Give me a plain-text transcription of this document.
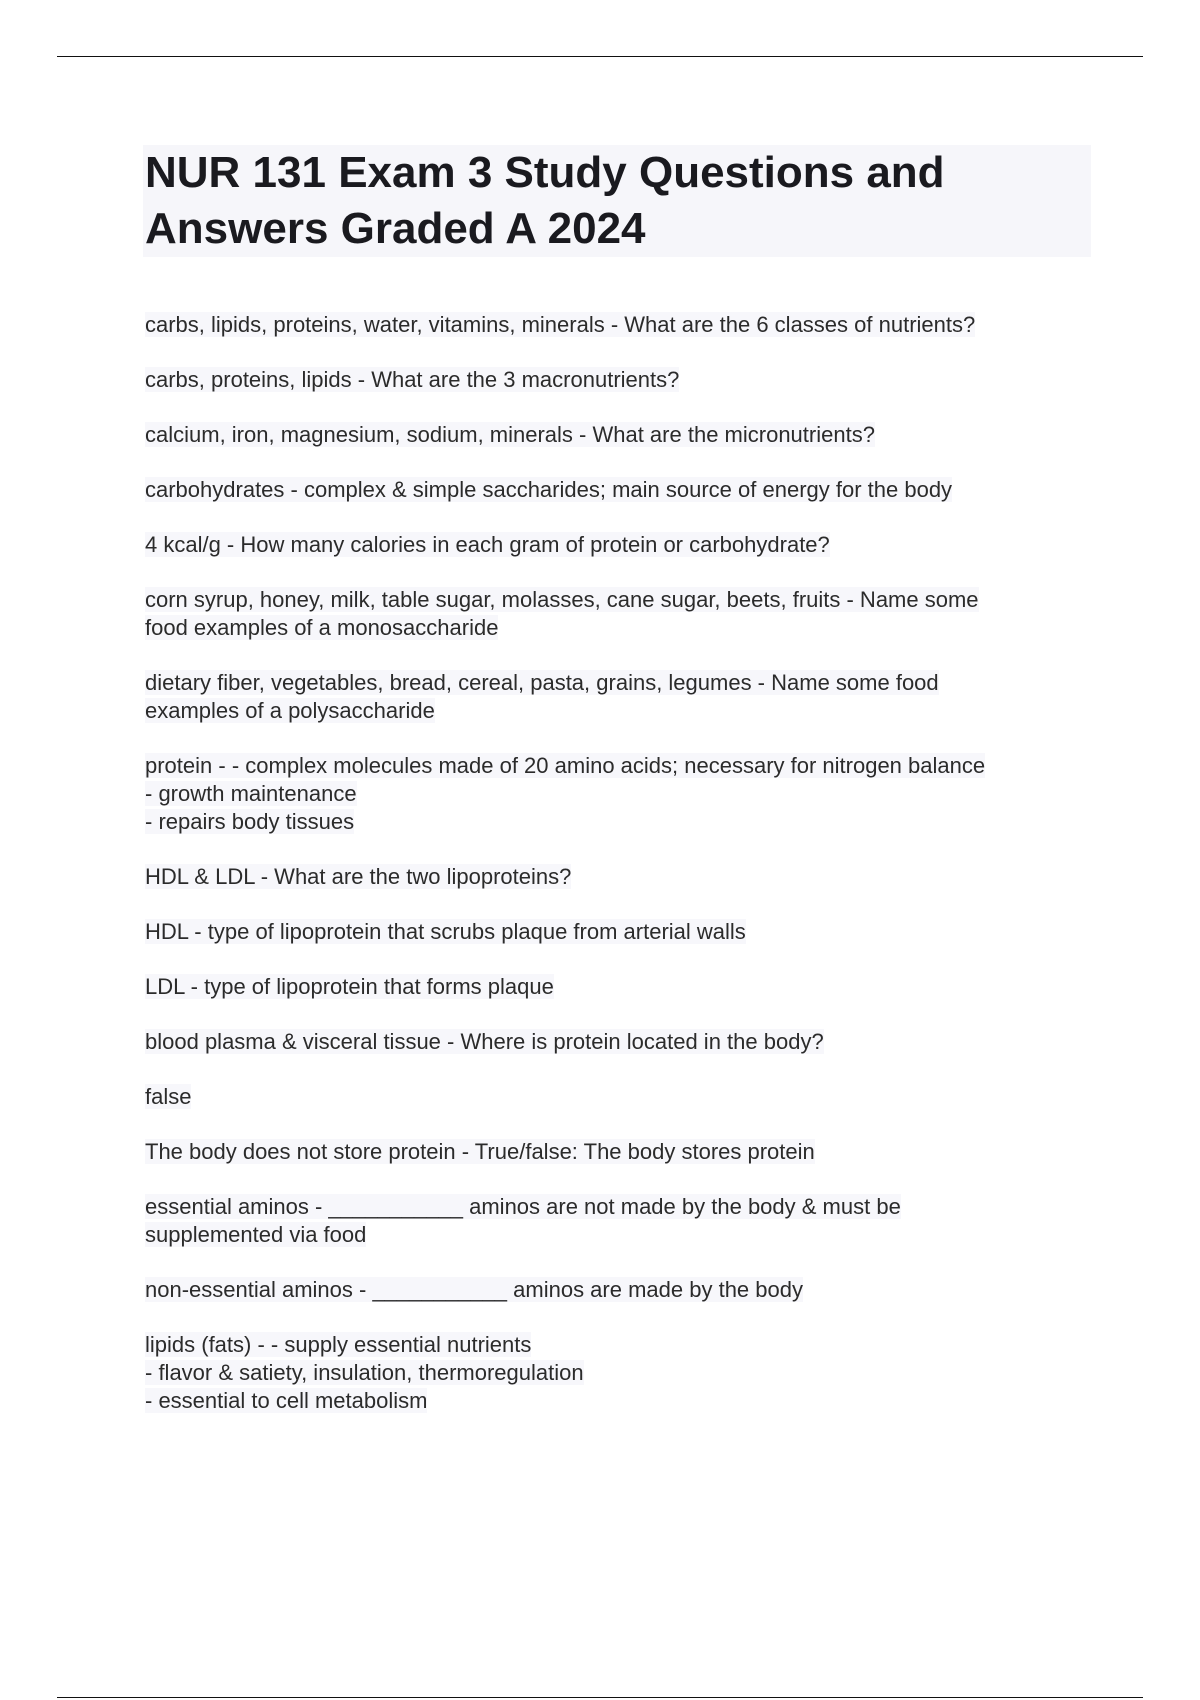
NUR 131 Exam 3 Study Questions and
Answers Graded A 2024
carbs, lipids, proteins, water, vitamins, minerals - What are the 6 classes of nutrients?
carbs, proteins, lipids - What are the 3 macronutrients?
calcium, iron, magnesium, sodium, minerals - What are the micronutrients?
carbohydrates - complex & simple saccharides; main source of energy for the body
4 kcal/g - How many calories in each gram of protein or carbohydrate?
corn syrup, honey, milk, table sugar, molasses, cane sugar, beets, fruits - Name some
food examples of a monosaccharide
dietary fiber, vegetables, bread, cereal, pasta, grains, legumes - Name some food
examples of a polysaccharide
protein - - complex molecules made of 20 amino acids; necessary for nitrogen balance
- growth maintenance
- repairs body tissues
HDL & LDL - What are the two lipoproteins?
HDL - type of lipoprotein that scrubs plaque from arterial walls
LDL - type of lipoprotein that forms plaque
blood plasma & visceral tissue - Where is protein located in the body?
false
The body does not store protein - True/false: The body stores protein
essential aminos - ___________ aminos are not made by the body & must be
supplemented via food
non-essential aminos - ___________ aminos are made by the body
lipids (fats) - - supply essential nutrients
- flavor & satiety, insulation, thermoregulation
- essential to cell metabolism
